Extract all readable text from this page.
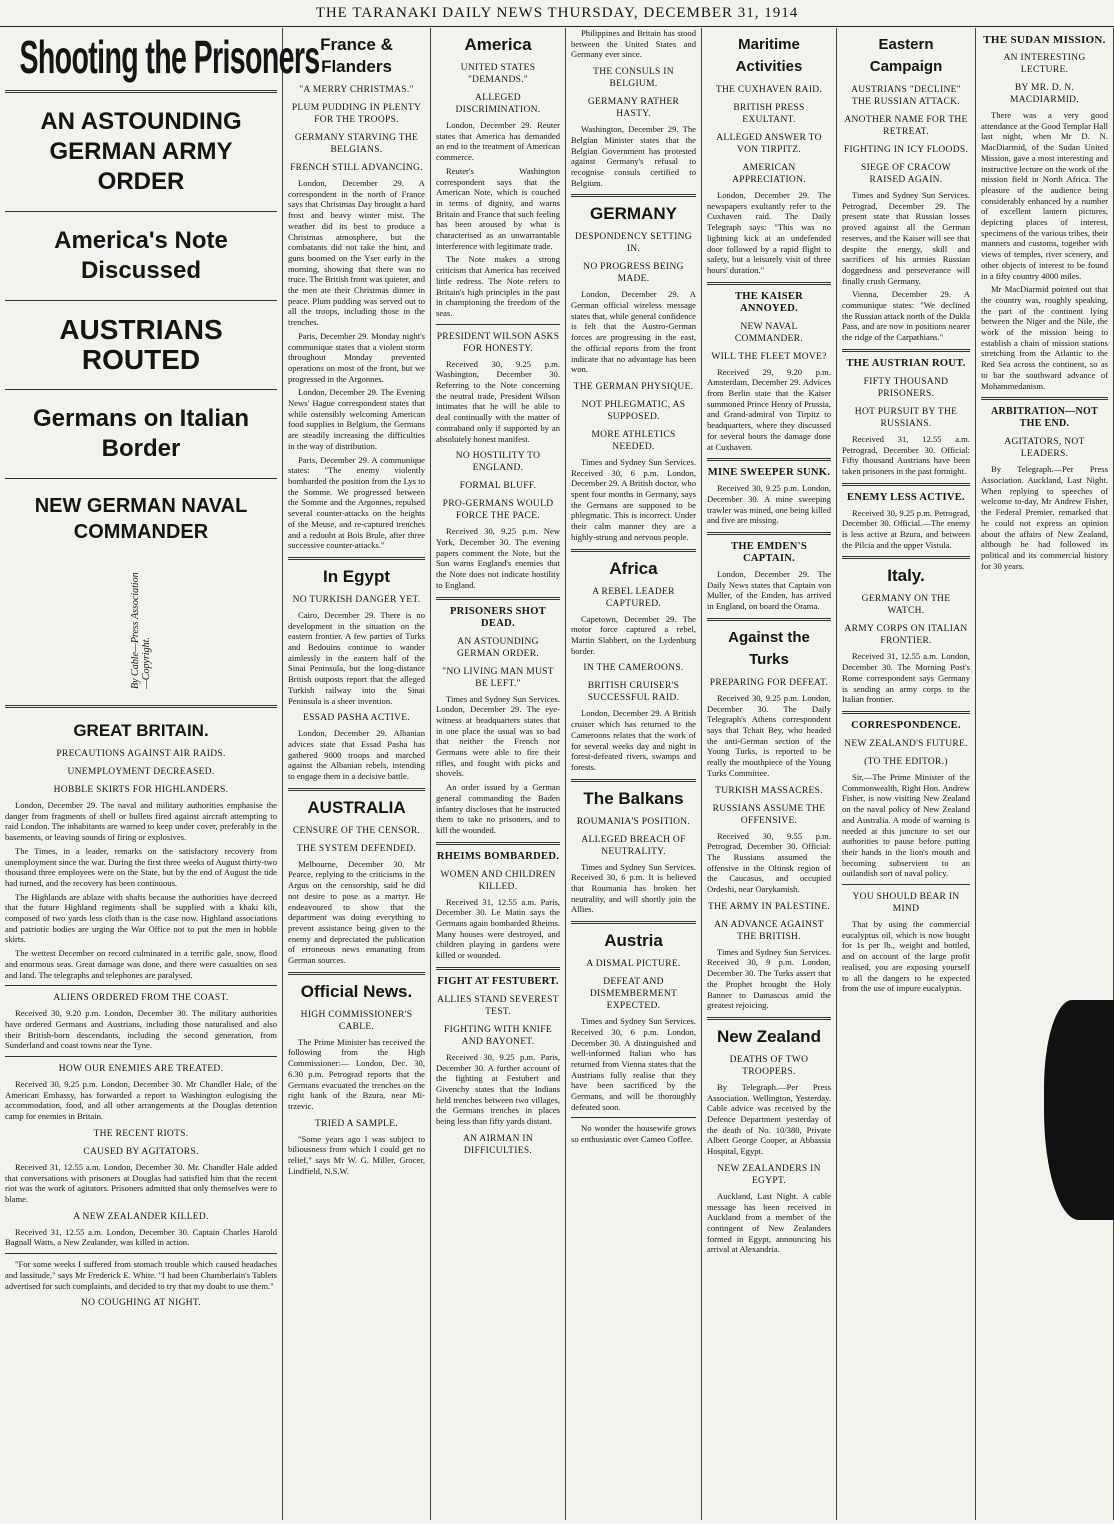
THE TARANAKI DAILY NEWS THURSDAY, DECEMBER 31, 1914
Shooting the Prisoners
AN ASTOUNDING GERMAN ARMY ORDER
America's Note Discussed
AUSTRIANS ROUTED
Germans on Italian Border
NEW GERMAN NAVAL COMMANDER
By Cable—Press Association—Copyright.
GREAT BRITAIN.
PRECAUTIONS AGAINST AIR RAIDS.
UNEMPLOYMENT DECREASED.
HOBBLE SKIRTS FOR HIGHLANDERS.

London, December 29. The naval and military authorities emphasise the danger from fragments of shell or bullets fired against aircraft attempting to raid London. The inhabitants are warned to keep under cover, preferably in the basements, or leaving sounds of firing or explosives.

The Times, in a leader, remarks on the satisfactory recovery from unemployment since the war. During the first three weeks of August thirty-two thousand three employees were on the State, but by the end of August the tide had turned, and the recovery has been continuous.

The Highlands are ablaze with shafts because the authorities have decreed that the future Highland regiments shall be supplied with a khaki kilt, composed of two yards less cloth than is the case now. Highland associations and patriotic bodies are urging the War Office not to put the men in hobble skirts.

The wettest December on record culminated in a terrific gale, snow, flood and enormous seas. Great damage was done, and there were casualties on sea and land. The telegraphs and telephones are paralysed.

ALIENS ORDERED FROM THE COAST.

Received 30, 9.20 p.m. London, December 30. The military authorities have ordered Germans and Austrians, including those naturalised and also their British-born descendants, including the second generation, from Sunderland and coast towns near the Tyne.

HOW OUR ENEMIES ARE TREATED.

Received 30, 9.25 p.m. London, December 30. Mr Chandler Hale, of the American Embassy, has forwarded a report to Washington eulogising the accommodation, food, and all other arrangements at the Douglas detention camp for enemies in Britain.

THE RECENT RIOTS.
CAUSED BY AGITATORS.

Received 31, 12.55 a.m. London, December 30. Mr. Chandler Hale added that conversations with prisoners at Douglas had satisfied him that the recent riot was the work of agitators. Prisoners admitted that only themselves were to blame.

A NEW ZEALANDER KILLED.

Received 31, 12.55 a.m. London, December 30. Captain Charles Harold Bagnall Watts, a New Zealander, was killed in action.

"For some weeks I suffered from stomach trouble which caused headaches and lassitude," says Mr Frederick E. White. "I had been Chamberlain's Tablets advertised for such complaints, and decided to try that my doubt to use them."

NO COUGHING AT NIGHT.
France & Flanders
"A MERRY CHRISTMAS."
PLUM PUDDING IN PLENTY FOR THE TROOPS.
GERMANY STARVING THE BELGIANS.
FRENCH STILL ADVANCING.

London, December 29. A correspondent in the north of France says that Christmas Day brought a hard frost and heavy winter mist. The weather did its best to produce a Christmas atmosphere, but the combatants did not take the hint, and guns boomed on the Yser early in the morning, showing that there was no truce. The British front was quieter, and the men ate their Christmas dinner in peace. Plum pudding was served out to all the troops, including those in the trenches.

Paris, December 29. Monday night's communique states that a violent storm throughout Monday prevented operations on most of the front, but we progressed in the Argonnes.

London, December 29. The Evening News' Hague correspondent states that while ostensibly welcoming American food supplies in Belgium, the Germans are steadily increasing the difficulties in the way of distribution.

Paris, December 29. A communique states: "The enemy violently bombarded the position from the Lys to the Somme. We progressed between the Somme and the Argonnes, repulsed several counter-attacks on the heights of the Meuse, and re-captured trenches and a redoubt at Bois Brule, after three successive counter-attacks."

In Egypt
NO TURKISH DANGER YET.

Cairo, December 29. There is no development in the situation on the eastern frontier. A few parties of Turks and Bedouins continue to wander aimlessly in the eastern half of the Sinai Peninsula, but the long-distance British outposts report that the alleged Turkish railway into the Sinai Peninsula is a sheer invention.

ESSAD PASHA ACTIVE.

London, December 29. Albanian advices state that Essad Pasha has gathered 9000 troops and marched against the Albanian rebels, intending to engage them in a decisive battle.

AUSTRALIA
CENSURE OF THE CENSOR.
THE SYSTEM DEFENDED.

Melbourne, December 30. Mr Pearce, replying to the criticisms in the Argus on the censorship, said he did not desire to pose as a martyr. He endeavoured to show that the department was doing everything to prevent assistance being given to the enemy and depreciated the publication of erroneous news emanating from German sources.

Official News.
HIGH COMMISSIONER'S CABLE.

The Prime Minister has received the following from the High Commissioner:— London, Dec. 30, 6.30 p.m. Petrograd reports that the Germans evacuated the trenches on the right bank of the Bzura, near Mi-trzevic.

TRIED A SAMPLE.

"Some years ago I was subject to biliousness from which I could get no relief," says Mr W. G. Miller, Grocer, Lindfield, N.S.W.

America
UNITED STATES "DEMANDS."
ALLEGED DISCRIMINATION.

London, December 29. Reuter states that America has demanded an end to the treatment of American commerce.

Reuter's Washington correspondent says that the American Note, which is couched in terms of dignity, and warns Britain and France that such feeling has been aroused by what is characterised as an unwarrantable interference with legitimate trade.

The Note makes a strong criticism that America has received little redress. The Note refers to Britain's high principles in the past in championing the freedom of the seas.

PRESIDENT WILSON ASKS FOR HONESTY.

Received 30, 9.25 p.m. Washington, December 30. Referring to the Note concerning the neutral trade, President Wilson intimates that he will be able to deal continually with the matter of contraband only if supported by an absolutely honest manifest.

NO HOSTILITY TO ENGLAND.
FORMAL BLUFF.
PRO-GERMANS WOULD FORCE THE PACE.

Received 30, 9.25 p.m. New York, December 30. The evening papers comment the Note, but the Sun warns England's enemies that the Note does not indicate hostility to England.

PRISONERS SHOT DEAD.
AN ASTOUNDING GERMAN ORDER.
"NO LIVING MAN MUST BE LEFT."

Times and Sydney Sun Services. London, December 29. The eye-witness at headquarters states that in one place the usual was so bad that neither the French nor Germans were able to fire their rifles, and fought with picks and shovels.

An order issued by a German general commanding the Baden infantry discloses that he instructed them to take no prisoners, and to kill the wounded.

RHEIMS BOMBARDED.
WOMEN AND CHILDREN KILLED.

Received 31, 12.55 a.m. Paris, December 30. Le Matin says the Germans again bombarded Rheims. Many houses were destroyed, and children playing in gardens were killed or wounded.

FIGHT AT FESTUBERT.
ALLIES STAND SEVEREST TEST.
FIGHTING WITH KNIFE AND BAYONET.

Received 30, 9.25 p.m. Paris, December 30. A further account of the fighting at Festubert and Givenchy states that the Indians held trenches between two villages, the Germans trenches in places being less than fifty yards distant.

AN AIRMAN IN DIFFICULTIES.

Philippines and Britain has stood between the United States and Germany ever since.

THE CONSULS IN BELGIUM.
GERMANY RATHER HASTY.

Washington, December 29. The Belgian Minister states that the Belgian Government has protested against Germany's refusal to recognise consuls certified to Belgium.

GERMANY
DESPONDENCY SETTING IN.
NO PROGRESS BEING MADE.

London, December 29. A German official wireless message states that, while general confidence is felt that the Austro-German forces are progressing in the east, the official reports from the front indicate that no advantage has been won.

THE GERMAN PHYSIQUE.
NOT PHLEGMATIC, AS SUPPOSED.
MORE ATHLETICS NEEDED.

Times and Sydney Sun Services. Received 30, 6 p.m. London, December 29. A British doctor, who spent four months in Germany, says the Germans are supposed to be phlegmatic. This is incorrect. Under their calm manner they are a highly-strung and nervous people.

Africa
A REBEL LEADER CAPTURED.

Capetown, December 29. The motor force captured a rebel, Martin Slabbert, on the Lydenburg border.

IN THE CAMEROONS.
BRITISH CRUISER'S SUCCESSFUL RAID.

London, December 29. A British cruiser which has returned to the Cameroons relates that the work of for several weeks day and night in forest-defeated rivers, swamps and forests.

The Balkans
ROUMANIA'S POSITION.
ALLEGED BREACH OF NEUTRALITY.

Times and Sydney Sun Services. Received 30, 6 p.m. It is believed that Roumania has broken her neutrality, and will shortly join the Allies.

Austria
A DISMAL PICTURE.
DEFEAT AND DISMEMBERMENT EXPECTED.

Times and Sydney Sun Services. Received 30, 6 p.m. London, December 30. A distinguished and well-informed Italian who has returned from Vienna states that the Austrians fully realise that they have been sacrificed by the Germans, and will be thoroughly defeated soon.

No wonder the housewife grows so enthusiastic over Cameo Coffee.

Maritime Activities
THE CUXHAVEN RAID.
BRITISH PRESS EXULTANT.
ALLEGED ANSWER TO VON TIRPITZ.
AMERICAN APPRECIATION.

London, December 29. The newspapers exultantly refer to the Cuxhaven raid. The Daily Telegraph says: "This was no lightning kick at an undefended door followed by a rapid flight to safety, but a leisurely visit of three hours' duration."

THE KAISER ANNOYED.
NEW NAVAL COMMANDER.
WILL THE FLEET MOVE?

Received 29, 9.20 p.m. Amsterdam, December 29. Advices from Berlin state that the Kaiser summoned Prince Henry of Prussia, and Grand-admiral von Tirpitz to headquarters, where they discussed for several hours the damage done at Cuxhaven.

MINE SWEEPER SUNK.

Received 30, 9.25 p.m. London, December 30. A mine sweeping trawler was mined, one being killed and five are missing.

THE EMDEN'S CAPTAIN.

London, December 29. The Daily News states that Captain von Muller, of the Emden, has arrived in England, on board the Orama.

Against the Turks
PREPARING FOR DEFEAT.

Received 30, 9.25 p.m. London, December 30. The Daily Telegraph's Athens correspondent says that Tchait Bey, who headed the anti-German section of the Young Turks, is reported to be really the mouthpiece of the Young Turks Committee.

TURKISH MASSACRES.
RUSSIANS ASSUME THE OFFENSIVE.

Received 30, 9.55 p.m. Petrograd, December 30. Official: The Russians assumed the offensive in the Oltinsk region of the Caucasus, and occupied Ordeshi, near Oarykamish.

THE ARMY IN PALESTINE.
AN ADVANCE AGAINST THE BRITISH.

Times and Sydney Sun Services. Received 30, 9 p.m. London, December 30. The Turks assert that the Prophet brought the Holy Banner to Damascus amid the greatest rejoicing.

New Zealand
DEATHS OF TWO TROOPERS.

By Telegraph.—Per Press Association. Wellington, Yesterday. Cable advice was received by the Defence Department yesterday of the death of No. 10/380, Private Albert George Cooper, at Abbassia Hospital, Egypt.

NEW ZEALANDERS IN EGYPT.

Auckland, Last Night. A cable message has been received in Auckland from a member of the contingent of New Zealanders formed in Egypt, announcing his arrival at Alexandria.

Eastern Campaign
AUSTRIANS "DECLINE" THE RUSSIAN ATTACK.
ANOTHER NAME FOR THE RETREAT.
FIGHTING IN ICY FLOODS.
SIEGE OF CRACOW RAISED AGAIN.

Times and Sydney Sun Services. Petrograd, December 29. The present state that Russian losses proved against all the German reserves, and the Kaiser will see that despite the energy, skill and sacrifices of his armies Russian doggedness and perseverance will finally crush Germany.

Vienna, December 29. A communique states: "We declined the Russian attack north of the Dukla Pass, and are now in positions nearer the ridge of the Carpathians."

THE AUSTRIAN ROUT.
FIFTY THOUSAND PRISONERS.
HOT PURSUIT BY THE RUSSIANS.

Received 31, 12.55 a.m. Petrograd, December 30. Official: Fifty thousand Austrians have been taken prisoners in the past fortnight.

ENEMY LESS ACTIVE.

Received 30, 9.25 p.m. Petrograd, December 30. Official.—The enemy is less active at Bzura, and between the Pilcia and the upper Vistula.

Italy.
GERMANY ON THE WATCH.
ARMY CORPS ON ITALIAN FRONTIER.

Received 31, 12.55 a.m. London, December 30. The Morning Post's Rome correspondent says Germany is sending an army corps to the Italian frontier.

CORRESPONDENCE.
NEW ZEALAND'S FUTURE.
(TO THE EDITOR.)

Sir,—The Prime Minister of the Commonwealth, Right Hon. Andrew Fisher, is now visiting New Zealand on the naval policy of New Zealand and Australia. A mode of warning is needed at this juncture to set our authorities to pause before putting their hands in the lion's mouth and becoming subservient to an outlandish sort of naval policy.

YOU SHOULD BEAR IN MIND

That by using the commercial eucalyptus oil, which is now bought for 1s per lb., weight and bottled, and on account of the large profit realised, you are exposing yourself to all the dangers to be expected from the use of impure eucalyptus.

THE SUDAN MISSION.
AN INTERESTING LECTURE.
BY MR. D. N. MACDIARMID.

There was a very good attendance at the Good Templar Hall last night, when Mr D. N. MacDiarmid, of the Sudan United Mission, gave a most interesting and instructive lecture on the work of the mission field in North Africa. The pleasure of the audience being considerably enhanced by a number of excellent lantern pictures, depicting places of interest, specimens of the various tribes, their manners and customs, together with views of temples, river scenery, and other objects of interest to be found in a fifty country 4000 miles.

Mr MacDiarmid pointed out that the country was, roughly speaking, the part of the continent lying between the Niger and the Nile, the work of the mission being to establish a chain of mission stations stretching from the Atlantic to the Red Sea across the continent, so as to bar the southward advance of Mohammedanism.

ARBITRATION—NOT THE END.
AGITATORS, NOT LEADERS.

By Telegraph.—Per Press Association. Auckland, Last Night. When replying to speeches of welcome to-day, Mr Andrew Fisher, the Federal Premier, remarked that he could not express an opinion about the affairs of New Zealand, although he had followed its political and its commercial history for 30 years.
